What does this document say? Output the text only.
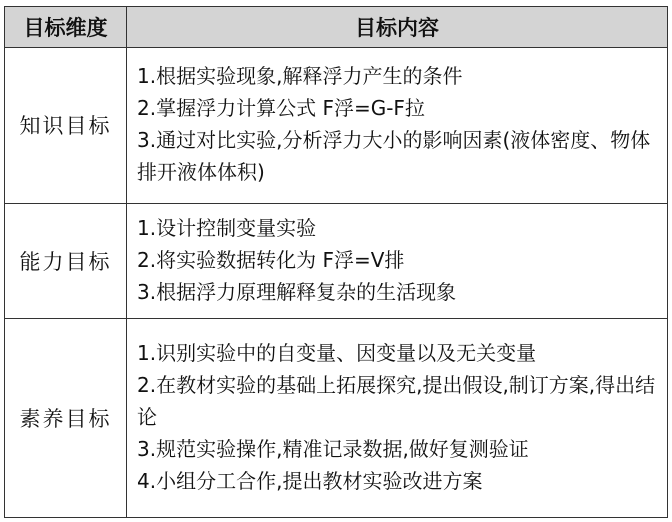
目标维度	目标内容
知识目标	1.根据实验现象,解释浮力产生的条件
2.掌握浮力计算公式 F浮=G-F拉
3.通过对比实验,分析浮力大小的影响因素(液体密度、物体排开液体体积)

能力目标	1.设计控制变量实验
2.将实验数据转化为 F浮=V排
3.根据浮力原理解释复杂的生活现象

素养目标	1.识别实验中的自变量、因变量以及无关变量
2.在教材实验的基础上拓展探究,提出假设,制订方案,得出结论
3.规范实验操作,精准记录数据,做好复测验证
4.小组分工合作,提出教材实验改进方案
